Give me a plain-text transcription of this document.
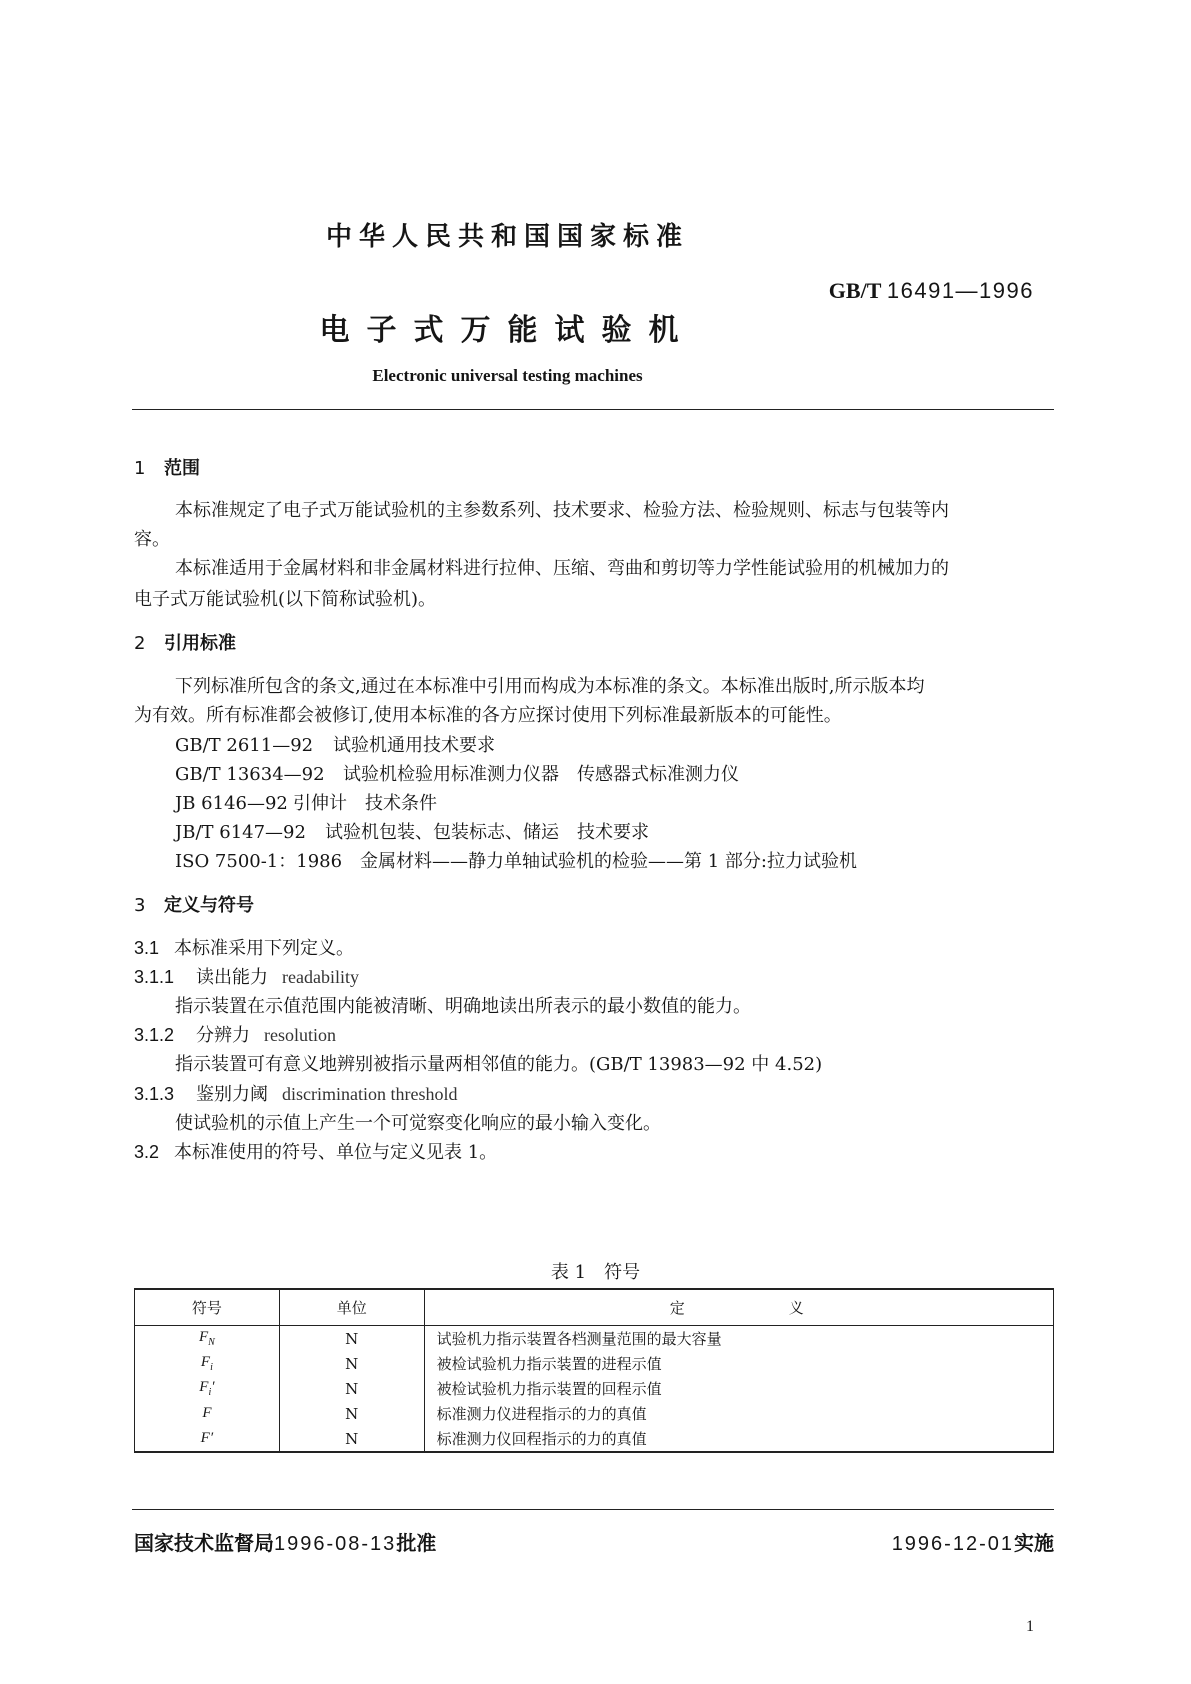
中华人民共和国国家标准
GB/T 16491—1996
电子式万能试验机
Electronic universal testing machines
1 范围
本标准规定了电子式万能试验机的主参数系列、技术要求、检验方法、检验规则、标志与包装等内
容。
本标准适用于金属材料和非金属材料进行拉伸、压缩、弯曲和剪切等力学性能试验用的机械加力的
电子式万能试验机(以下简称试验机)。
2 引用标准
下列标准所包含的条文,通过在本标准中引用而构成为本标准的条文。本标准出版时,所示版本均
为有效。所有标准都会被修订,使用本标准的各方应探讨使用下列标准最新版本的可能性。
GB/T 2611—92 试验机通用技术要求
GB/T 13634—92 试验机检验用标准测力仪器　传感器式标准测力仪
JB 6146—92 引伸计　技术条件
JB/T 6147—92 试验机包装、包装标志、储运　技术要求
ISO 7500-1：1986 金属材料——静力单轴试验机的检验——第 1 部分:拉力试验机
3 定义与符号
3.1 本标准采用下列定义。
3.1.1 读出能力 readability
指示装置在示值范围内能被清晰、明确地读出所表示的最小数值的能力。
3.1.2 分辨力 resolution
指示装置可有意义地辨别被指示量两相邻值的能力。(GB/T 13983—92 中 4.52)
3.1.3 鉴别力阈 discrimination threshold
使试验机的示值上产生一个可觉察变化响应的最小输入变化。
3.2 本标准使用的符号、单位与定义见表 1。
表 1　符号
符号	单位	定义
$F_N$	N	试验机力指示装置各档测量范围的最大容量
$F_i$	N	被检试验机力指示装置的进程示值
$F_i'$	N	被检试验机力指示装置的回程示值
F	N	标准测力仪进程指示的力的真值
F′	N	标准测力仪回程指示的力的真值
国家技术监督局1996-08-13批准	1996-12-01实施
1
